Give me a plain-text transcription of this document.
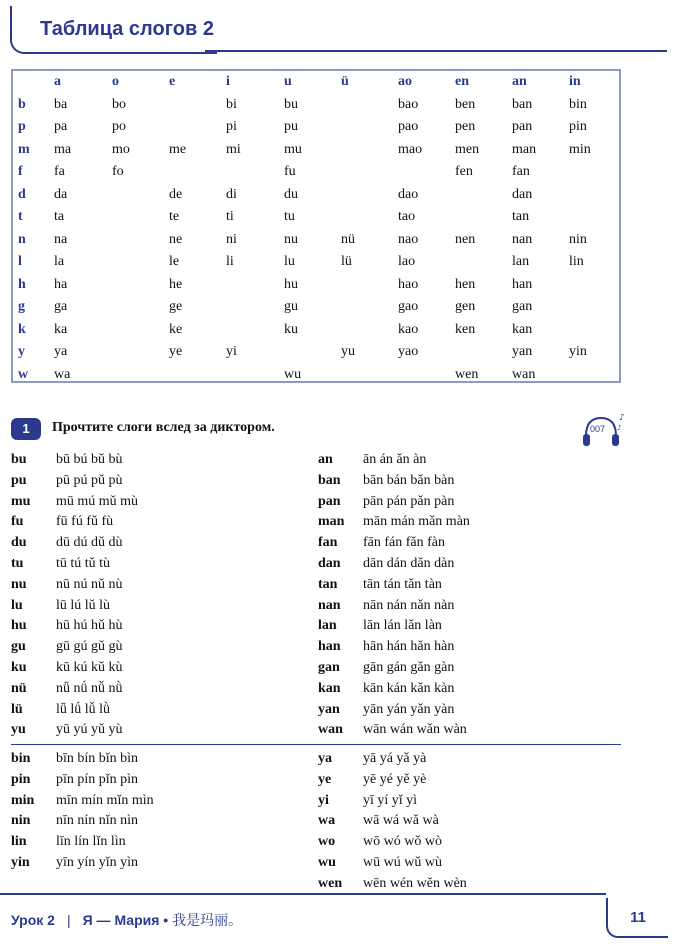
Таблица слогов 2
	a	o	e	i	u	ü	ao	en	an	in
b	ba	bo		bi	bu		bao	ben	ban	bin
p	pa	po		pi	pu		pao	pen	pan	pin
m	ma	mo	me	mi	mu		mao	men	man	min
f	fa	fo			fu			fen	fan	
d	da		de	di	du		dao		dan	
t	ta		te	ti	tu		tao		tan	
n	na		ne	ni	nu	nü	nao	nen	nan	nin
l	la		le	li	lu	lü	lao		lan	lin
h	ha		he		hu		hao	hen	han	
g	ga		ge		gu		gao	gen	gan	
k	ka		ke		ku		kao	ken	kan	
y	ya		ye	yi		yu	yao		yan	yin
w	wa				wu			wen	wan	
1	Прочтите слоги вслед за диктором.
♪
♪
007
bu bū bú bǔ bù
pu pū pú pǔ pù
mu mū mú mǔ mù
fu fū fú fǔ fù
du dū dú dǔ dù
tu tū tú tǔ tù
nu nū nú nǔ nù
lu lū lú lǔ lù
hu hū hú hǔ hù
gu gū gú gǔ gù
ku kū kú kǔ kù
nü nǖ nǘ nǚ nǜ
lü lǖ lǘ lǚ lǜ
yu yū yú yǔ yù
an ān án ǎn àn
ban bān bán bǎn bàn
pan pān pán pǎn pàn
man mān mán mǎn màn
fan fān fán fǎn fàn
dan dān dán dǎn dàn
tan tān tán tǎn tàn
nan nān nán nǎn nàn
lan lān lán lǎn làn
han hān hán hǎn hàn
gan gān gán gǎn gàn
kan kān kán kǎn kàn
yan yān yán yǎn yàn
wan wān wán wǎn wàn
bin bīn bín bǐn bìn
pin pīn pín pǐn pìn
min mīn mín mǐn mìn
nin nīn nín nǐn nìn
lin līn lín lǐn lìn
yin yīn yín yǐn yìn
ya yā yá yǎ yà
ye yē yé yě yè
yi yī yí yǐ yì
wa wā wá wǎ wà
wo wō wó wǒ wò
wu wū wú wǔ wù
wen wēn wén wěn wèn
Урок 2 | Я — Мария • 我是玛丽。	11
